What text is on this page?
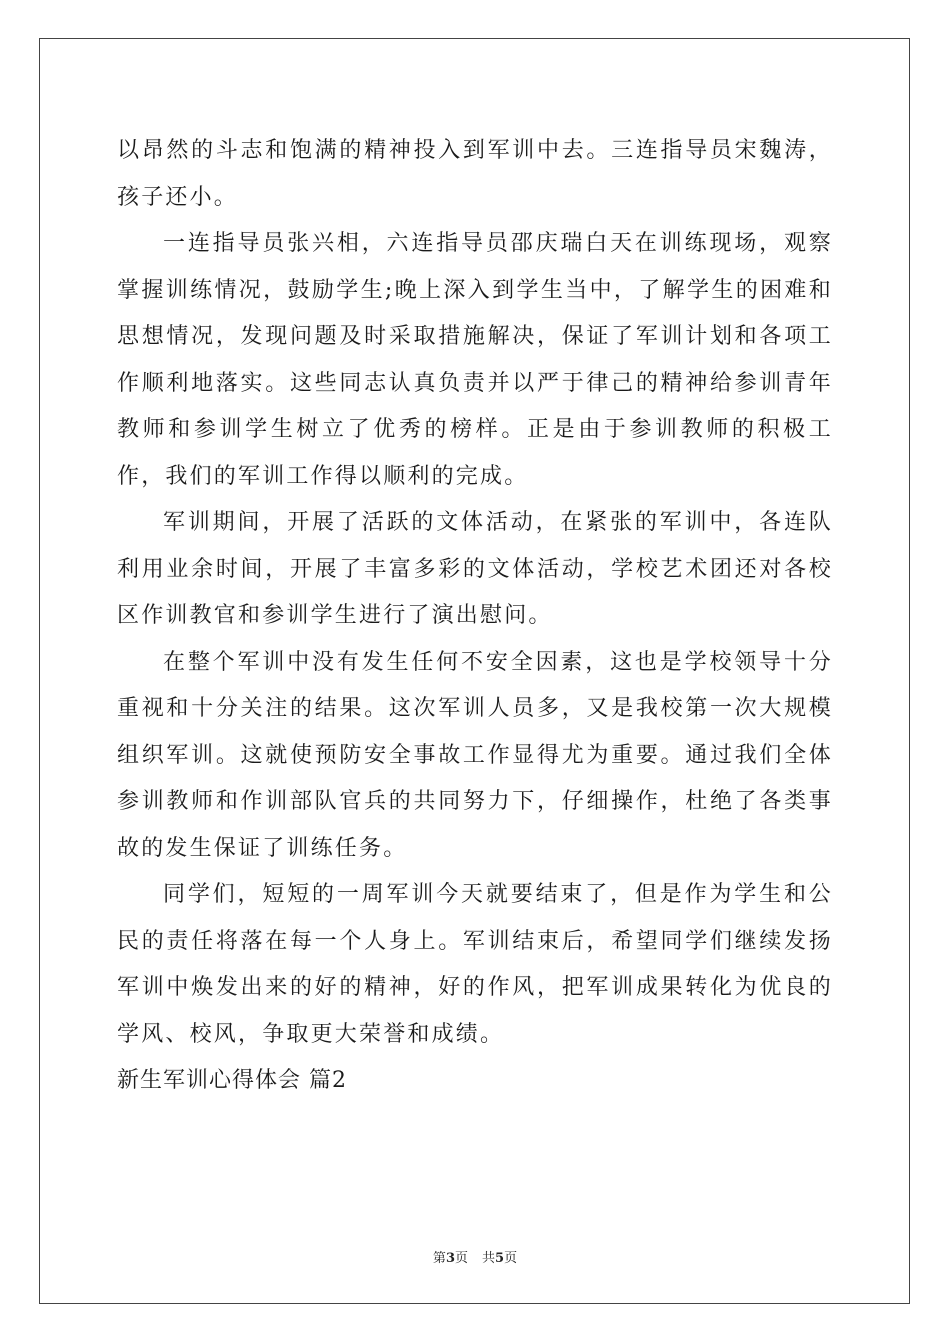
以昂然的斗志和饱满的精神投入到军训中去。三连指导员宋魏涛，孩子还小。

一连指导员张兴相，六连指导员邵庆瑞白天在训练现场，观察掌握训练情况，鼓励学生;晚上深入到学生当中，了解学生的困难和思想情况，发现问题及时采取措施解决，保证了军训计划和各项工作顺利地落实。这些同志认真负责并以严于律己的精神给参训青年教师和参训学生树立了优秀的榜样。正是由于参训教师的积极工作，我们的军训工作得以顺利的完成。

军训期间，开展了活跃的文体活动，在紧张的军训中，各连队利用业余时间，开展了丰富多彩的文体活动，学校艺术团还对各校区作训教官和参训学生进行了演出慰问。

在整个军训中没有发生任何不安全因素，这也是学校领导十分重视和十分关注的结果。这次军训人员多，又是我校第一次大规模组织军训。这就使预防安全事故工作显得尤为重要。通过我们全体参训教师和作训部队官兵的共同努力下，仔细操作，杜绝了各类事故的发生保证了训练任务。

同学们，短短的一周军训今天就要结束了，但是作为学生和公民的责任将落在每一个人身上。军训结束后，希望同学们继续发扬军训中焕发出来的好的精神，好的作风，把军训成果转化为优良的学风、校风，争取更大荣誉和成绩。

新生军训心得体会 篇2

第3页 共5页
